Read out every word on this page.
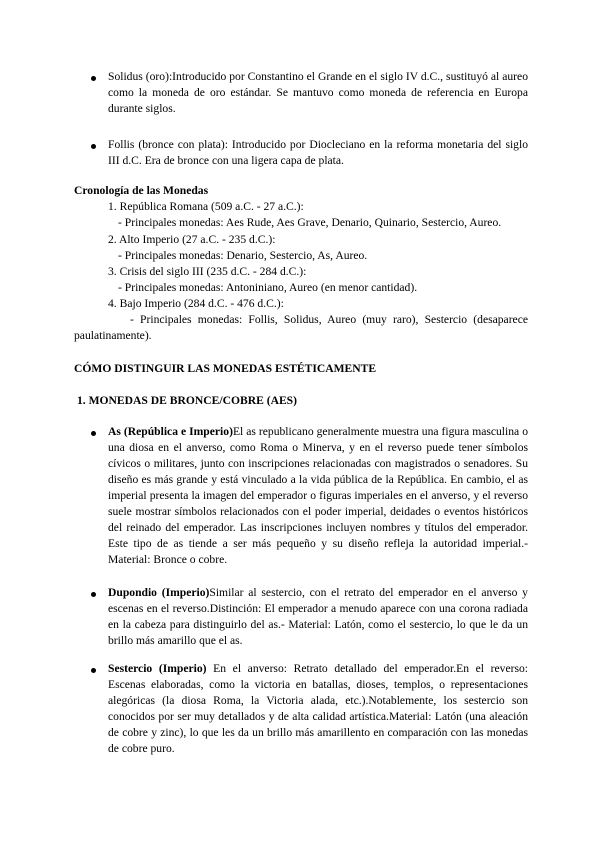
Solidus (oro):Introducido por Constantino el Grande en el siglo IV d.C., sustituyó al aureo como la moneda de oro estándar. Se mantuvo como moneda de referencia en Europa durante siglos.
Follis (bronce con plata): Introducido por Diocleciano en la reforma monetaria del siglo III d.C. Era de bronce con una ligera capa de plata.
Cronología de las Monedas
1. República Romana (509 a.C. - 27 a.C.):
- Principales monedas: Aes Rude, Aes Grave, Denario, Quinario, Sestercio, Aureo.
2. Alto Imperio (27 a.C. - 235 d.C.):
- Principales monedas: Denario, Sestercio, As, Aureo.
3. Crisis del siglo III (235 d.C. - 284 d.C.):
- Principales monedas: Antoniniano, Aureo (en menor cantidad).
4. Bajo Imperio (284 d.C. - 476 d.C.):
- Principales monedas: Follis, Solidus, Aureo (muy raro), Sestercio (desaparece paulatinamente).
CÓMO DISTINGUIR LAS MONEDAS ESTÉTICAMENTE
1. MONEDAS DE BRONCE/COBRE (AES)
As (República e Imperio)El as republicano generalmente muestra una figura masculina o una diosa en el anverso, como Roma o Minerva, y en el reverso puede tener símbolos cívicos o militares, junto con inscripciones relacionadas con magistrados o senadores. Su diseño es más grande y está vinculado a la vida pública de la República. En cambio, el as imperial presenta la imagen del emperador o figuras imperiales en el anverso, y el reverso suele mostrar símbolos relacionados con el poder imperial, deidades o eventos históricos del reinado del emperador. Las inscripciones incluyen nombres y títulos del emperador. Este tipo de as tiende a ser más pequeño y su diseño refleja la autoridad imperial.- Material: Bronce o cobre.
Dupondio (Imperio)Similar al sestercio, con el retrato del emperador en el anverso y escenas en el reverso.Distinción: El emperador a menudo aparece con una corona radiada en la cabeza para distinguirlo del as.- Material: Latón, como el sestercio, lo que le da un brillo más amarillo que el as.
Sestercio (Imperio) En el anverso: Retrato detallado del emperador.En el reverso: Escenas elaboradas, como la victoria en batallas, dioses, templos, o representaciones alegóricas (la diosa Roma, la Victoria alada, etc.).Notablemente, los sestercio son conocidos por ser muy detallados y de alta calidad artística.Material: Latón (una aleación de cobre y zinc), lo que les da un brillo más amarillento en comparación con las monedas de cobre puro.
